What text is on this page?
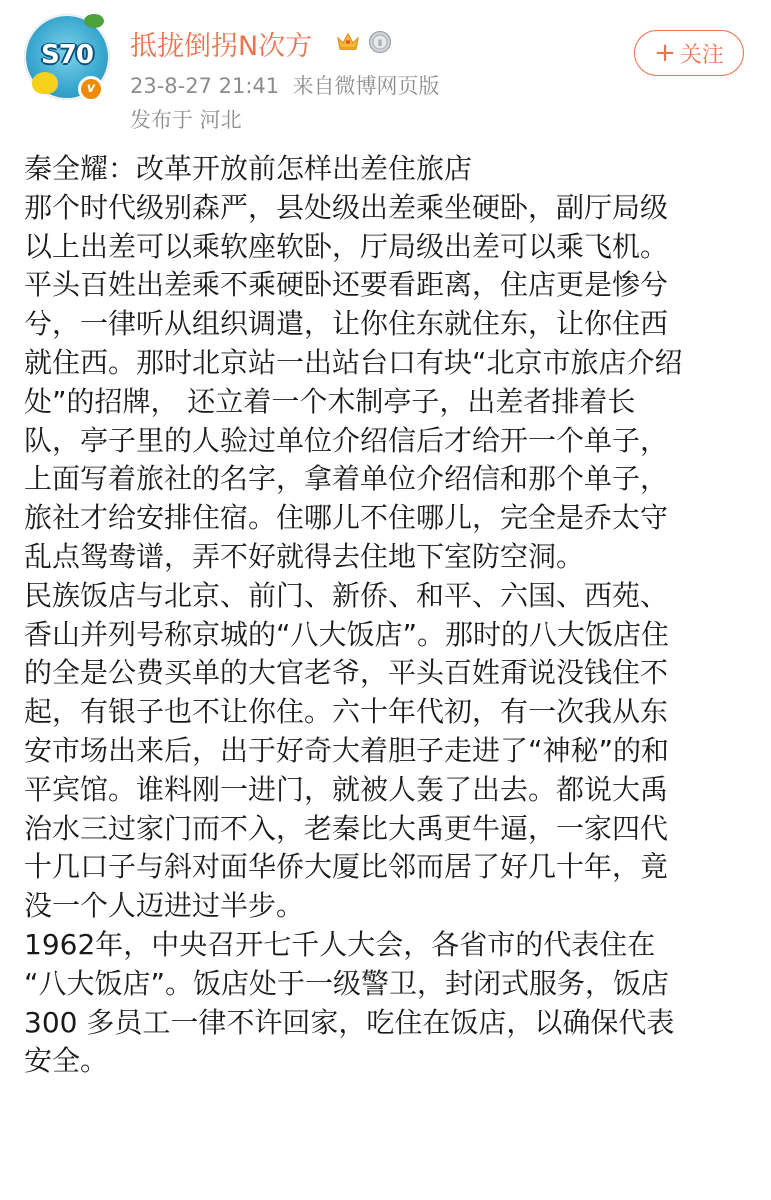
S70
v
抵拢倒拐N次方	Ⅱ
23-8-27 21:41 来自微博网页版
发布于 河北
+ 关注
秦全耀：改革开放前怎样出差住旅店
那个时代级别森严，县处级出差乘坐硬卧，副厅局级
以上出差可以乘软座软卧，厅局级出差可以乘飞机。
平头百姓出差乘不乘硬卧还要看距离，住店更是惨兮
兮，一律听从组织调遣，让你住东就住东，让你住西
就住西。那时北京站一出站台口有块“北京市旅店介绍
处”的招牌， 还立着一个木制亭子，出差者排着长
队，亭子里的人验过单位介绍信后才给开一个单子，
上面写着旅社的名字，拿着单位介绍信和那个单子，
旅社才给安排住宿。住哪儿不住哪儿，完全是乔太守
乱点鸳鸯谱，弄不好就得去住地下室防空洞。
民族饭店与北京、前门、新侨、和平、六国、西苑、
香山并列号称京城的“八大饭店”。那时的八大饭店住
的全是公费买单的大官老爷，平头百姓甭说没钱住不
起，有银子也不让你住。六十年代初，有一次我从东
安市场出来后，出于好奇大着胆子走进了“神秘”的和
平宾馆。谁料刚一进门，就被人轰了出去。都说大禹
治水三过家门而不入，老秦比大禹更牛逼，一家四代
十几口子与斜对面华侨大厦比邻而居了好几十年，竟
没一个人迈进过半步。
1962年，中央召开七千人大会，各省市的代表住在
“八大饭店”。饭店处于一级警卫，封闭式服务，饭店
300 多员工一律不许回家，吃住在饭店，以确保代表
安全。
